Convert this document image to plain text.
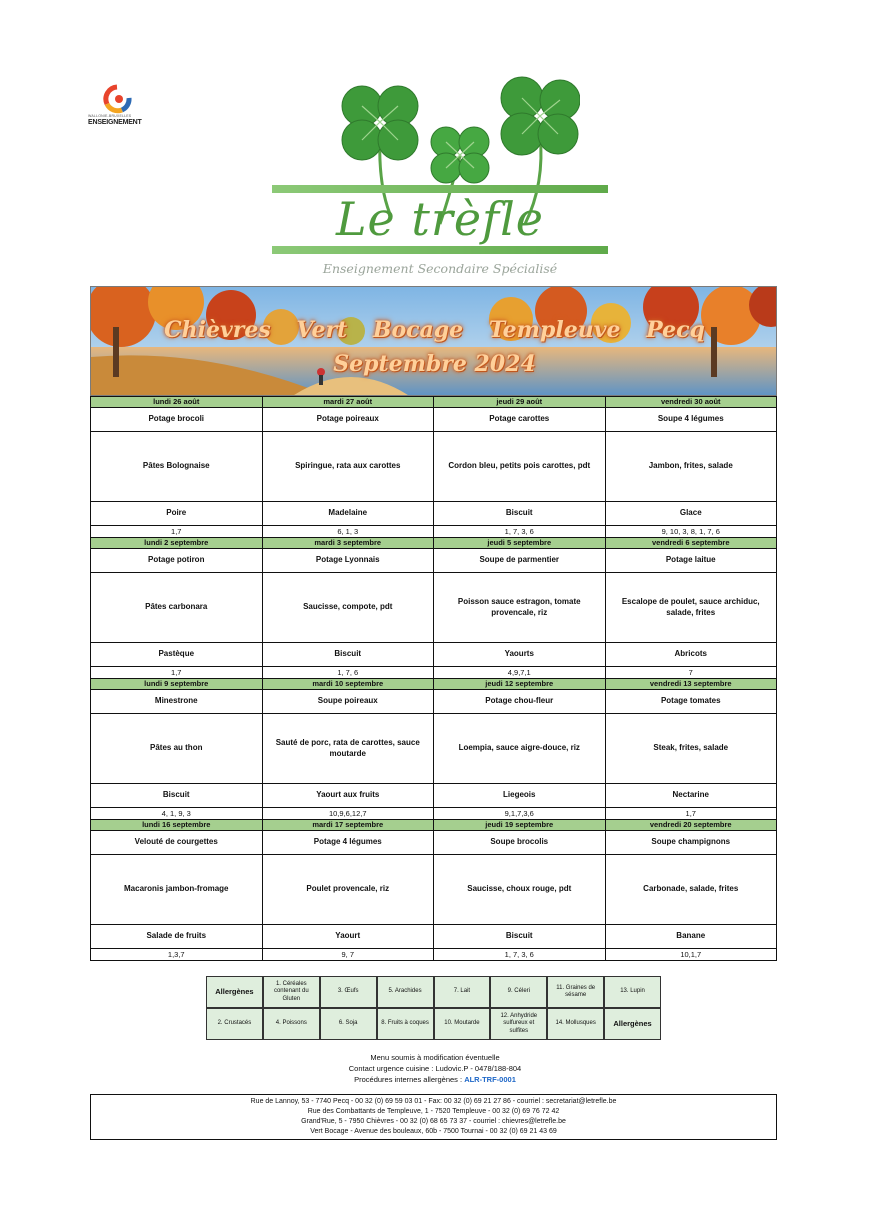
WALLONIE-BRUXELLES
ENSEIGNEMENT
Le trèfle
Enseignement Secondaire Spécialisé
Chièvres Vert Bocage Templeuve Pecq
Septembre 2024
lundi 26 août	mardi 27 août	jeudi 29 août	vendredi 30 août
Potage brocoli	Potage poireaux	Potage carottes	Soupe 4 légumes
Pâtes Bolognaise	Spiringue, rata aux carottes	Cordon bleu, petits pois carottes, pdt	Jambon, frites, salade
Poire	Madelaine	Biscuit	Glace
1,7	6, 1, 3	1, 7, 3, 6	9, 10, 3, 8, 1, 7, 6
lundi 2 septembre	mardi 3 septembre	jeudi 5 septembre	vendredi 6 septembre
Potage potiron	Potage Lyonnais	Soupe de parmentier	Potage laitue
Pâtes carbonara	Saucisse, compote, pdt	Poisson sauce estragon, tomate provencale, riz	Escalope de poulet, sauce archiduc, salade, frites
Pastèque	Biscuit	Yaourts	Abricots
1,7	1, 7, 6	4,9,7,1	7
lundi 9 septembre	mardi 10 septembre	jeudi 12 septembre	vendredi 13 septembre
Minestrone	Soupe poireaux	Potage chou-fleur	Potage tomates
Pâtes au thon	Sauté de porc, rata de carottes, sauce moutarde	Loempia, sauce aigre-douce, riz	Steak, frites, salade
Biscuit	Yaourt aux fruits	Liegeois	Nectarine
4, 1, 9, 3	10,9,6,12,7	9,1,7,3,6	1,7
lundi 16 septembre	mardi 17 septembre	jeudi 19 septembre	vendredi 20 septembre
Velouté de courgettes	Potage 4 légumes	Soupe brocolis	Soupe champignons
Macaronis jambon-fromage	Poulet provencale, riz	Saucisse, choux rouge, pdt	Carbonade, salade, frites
Salade de fruits	Yaourt	Biscuit	Banane
1,3,7	9, 7	1, 7, 3, 6	10,1,7
Allergènes	1. Céréales contenant du Gluten	3. Œufs	5. Arachides	7. Lait	9. Céleri	11. Graines de sésame	13. Lupin
2. Crustacés	4. Poissons	6. Soja	8. Fruits à coques	10. Moutarde	12. Anhydride sulfureux et sulfites	14. Mollusques	Allergènes
Menu soumis à modification éventuelle
Contact urgence cuisine : Ludovic.P - 0478/188-804
Procédures internes allergènes : ALR-TRF-0001
Rue de Lannoy, 53 - 7740 Pecq - 00 32 (0) 69 59 03 01 - Fax: 00 32 (0) 69 21 27 86 - courriel : secretariat@letrefle.be
Rue des Combattants de Templeuve, 1 - 7520 Templeuve - 00 32 (0) 69 76 72 42
Grand'Rue, 5 - 7950 Chièvres - 00 32 (0) 68 65 73 37 - courriel : chievres@letrefle.be
Vert Bocage - Avenue des bouleaux, 60b - 7500 Tournai - 00 32 (0) 69 21 43 69
